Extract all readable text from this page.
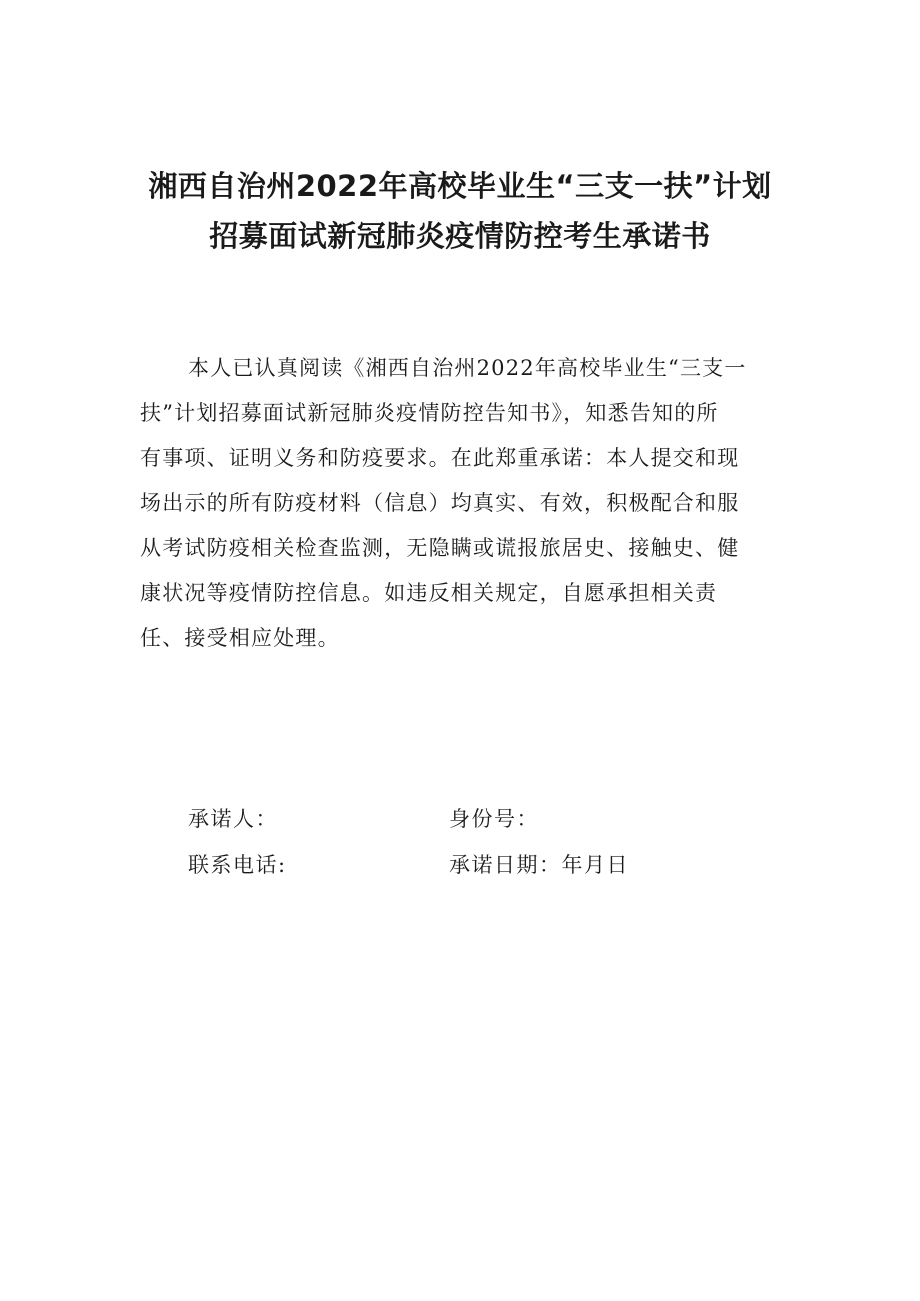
湘西自治州2022年高校毕业生“三支一扶”计划
招募面试新冠肺炎疫情防控考生承诺书
本人已认真阅读《湘西自治州2022年高校毕业生“三支一
扶”计划招募面试新冠肺炎疫情防控告知书》，知悉告知的所
有事项、证明义务和防疫要求。在此郑重承诺：本人提交和现
场出示的所有防疫材料（信息）均真实、有效，积极配合和服
从考试防疫相关检查监测，无隐瞒或谎报旅居史、接触史、健
康状况等疫情防控信息。如违反相关规定，自愿承担相关责
任、接受相应处理。
承诺人：	身份号：
联系电话:	承诺日期：年月日
